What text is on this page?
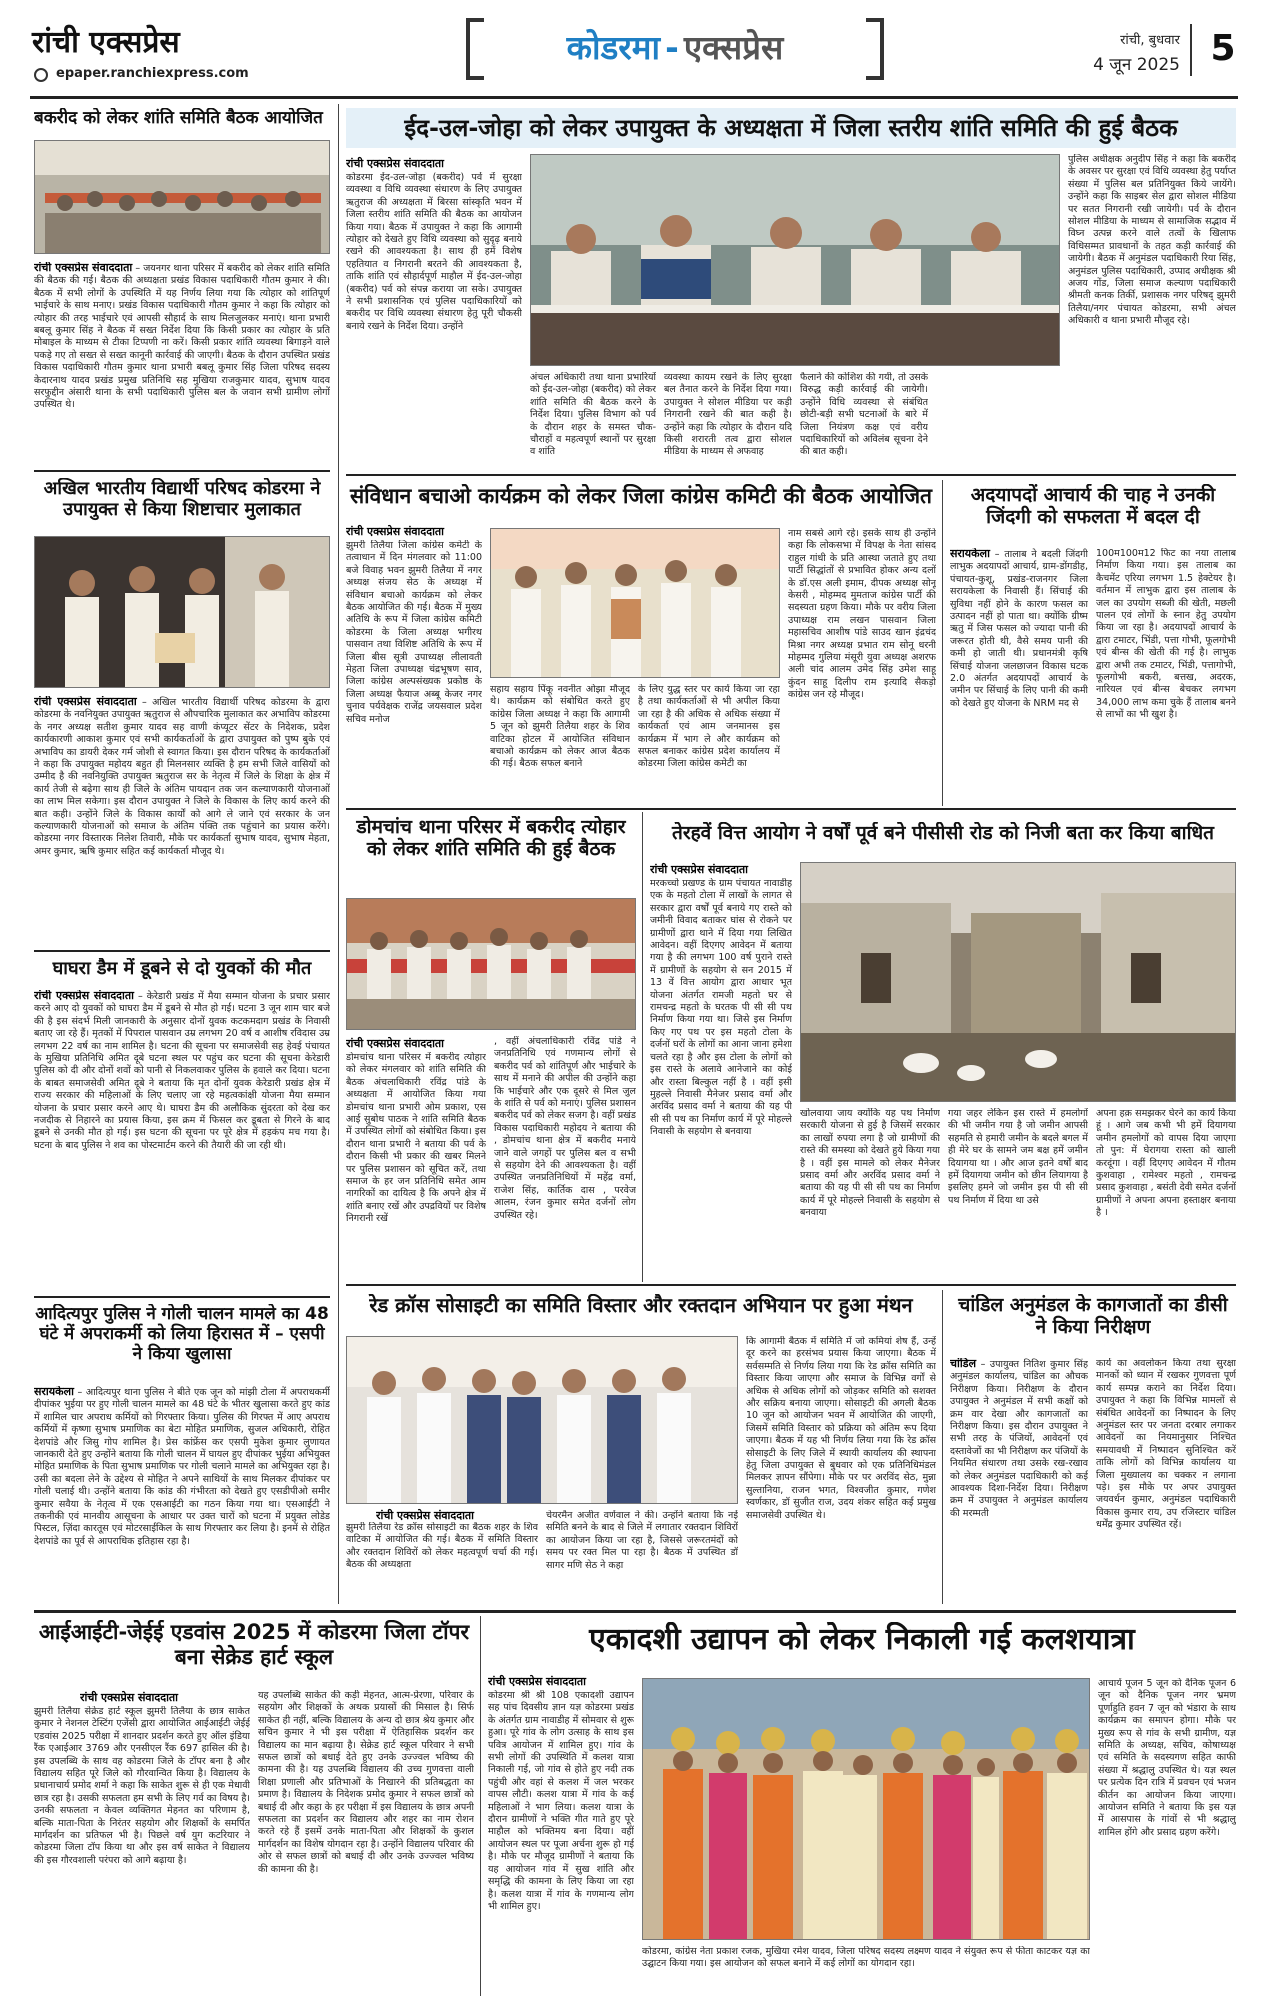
रांची एक्सप्रेस
epaper.ranchiexpress.com
कोडरमा - एक्सप्रेस	रांची, बुधवार
4 जून 2025 5
बकरीद को लेकर शांति समिति बैठक आयोजित
रांची एक्सप्रेस संवाददाता – जयनगर थाना परिसर में बकरीद को लेकर शांति समिति की बैठक की गई। बैठक की अध्यक्षता प्रखंड विकास पदाधिकारी गौतम कुमार ने की। बैठक में सभी लोगों के उपस्थिति में यह निर्णय लिया गया कि त्योहार को शांतिपूर्ण भाईचारे के साथ मनाए। प्रखंड विकास पदाधिकारी गौतम कुमार ने कहा कि त्योहार को त्योहार की तरह भाईचारे एवं आपसी सौहार्द के साथ मिलजुलकर मनाएं। थाना प्रभारी बबलू कुमार सिंह ने बैठक में सख्त निर्देश दिया कि किसी प्रकार का त्योहार के प्रति मोबाइल के माध्यम से टीका टिप्पणी ना करें। किसी प्रकार शांति व्यवस्था बिगाड़ने वाले पकड़े गए तो सख्त से सख्त कानूनी कार्रवाई की जाएगी। बैठक के दौरान उपस्थित प्रखंड विकास पदाधिकारी गौतम कुमार थाना प्रभारी बबलू कुमार सिंह जिला परिषद सदस्य केदारनाथ यादव प्रखंड प्रमुख प्रतिनिधि सह मुखिया राजकुमार यादव, सुभाष यादव सरफुद्दीन अंसारी थाना के सभी पदाधिकारी पुलिस बल के जवान सभी ग्रामीण लोगों उपस्थित थे।
अखिल भारतीय विद्यार्थी परिषद कोडरमा ने उपायुक्त से किया शिष्टाचार मुलाकात
रांची एक्सप्रेस संवाददाता – अखिल भारतीय विद्यार्थी परिषद कोडरमा के द्वारा कोडरमा के नवनियुक्त उपायुक्त ऋतुराज से औपचारिक मुलाकात कर अभाविप कोडरमा के नगर अध्यक्ष सतीश कुमार यादव सह वाणी कंप्यूटर सेंटर के निदेशक, प्रदेश कार्यकारणी आकाश कुमार एवं सभी कार्यकर्ताओं के द्वारा उपायुक्त को पुष्प बुके एवं अभाविप का डायरी देकर गर्म जोशी से स्वागत किया। इस दौरान परिषद के कार्यकर्ताओं ने कहा कि उपायुक्त महोदय बहुत ही मिलनसार व्यक्ति है हम सभी जिले वासियों को उम्मीद है की नवनियुक्ति उपायुक्त ऋतुराज सर के नेतृत्व में जिले के शिक्षा के क्षेत्र में कार्य तेजी से बढ़ेगा साथ ही जिले के अंतिम पायदान तक जन कल्याणकारी योजनाओं का लाभ मिल सकेगा। इस दौरान उपायुक्त ने जिले के विकास के लिए कार्य करने की बात कही। उन्होंने जिले के विकास कार्यों को आगे ले जाने एवं सरकार के जन कल्याणकारी योजनाओं को समाज के अंतिम पंक्ति तक पहुंचाने का प्रयास करेंगे। कोडरमा नगर विस्तारक निलेश तिवारी, मौके पर कार्यकर्ता सुभाष यादव, सुभाष मेहता, अमर कुमार, ऋषि कुमार सहित कई कार्यकर्ता मौजूद थे।
घाघरा डैम में डूबने से दो युवकों की मौत
रांची एक्सप्रेस संवाददाता – केरेडारी प्रखंड में मैया सम्मान योजना के प्रचार प्रसार करने आए दो युवकों को घाघरा डैम में डूबने से मौत हो गई। घटना 3 जून शाम चार बजे की है इस संदर्भ मिली जानकारी के अनुसार दोनों युवक कटकमदाग प्रखंड के निवासी बताए जा रहे हैं। मृतकों में पिपराल पासवान उम्र लगभग 20 वर्ष व आशीष रविदास उम्र लगभग 22 वर्ष का नाम शामिल है। घटना की सूचना पर समाजसेवी सह हेवई पंचायत के मुखिया प्रतिनिधि अमित दूबे घटना स्थल पर पहुंच कर घटना की सूचना केरेडारी पुलिस को दी और दोनों शवों को पानी से निकलवाकर पुलिस के हवाले कर दिया। घटना के बाबत समाजसेवी अमित दूबे ने बताया कि मृत दोनों युवक केरेडारी प्रखंड क्षेत्र में राज्य सरकार की महिलाओं के लिए चलाए जा रहे महत्वकांक्षी योजना मैया सम्मान योजना के प्रचार प्रसार करने आए थे। घाघरा डैम की अलौकिक सुंदरता को देख कर नजदीक से निहारने का प्रयास किया, इस क्रम में फिसल कर डूबता से गिरने के बाद डूबने से उनकी मौत हो गई। इस घटना की सूचना पर पूरे क्षेत्र में हड़कंप मच गया है। घटना के बाद पुलिस ने शव का पोस्टमार्टम करने की तैयारी की जा रही थी।
आदित्यपुर पुलिस ने गोली चालन मामले का 48 घंटे में अपराकर्मी को लिया हिरासत में – एसपी ने किया खुलासा
सरायकेला – आदित्यपुर थाना पुलिस ने बीते एक जून को मांझी टोला में अपराधकर्मी दीपांकर भुईया पर हुए गोली चालन मामले का 48 घंटे के भीतर खुलासा करते हुए कांड में शामिल चार अपराध कर्मियों को गिरफ्तार किया। पुलिस की गिरफ्त में आए अपराध कर्मियों में कृष्णा सुभाष प्रमाणिक का बेटा मोहित प्रमाणिक, सुजल अधिकारी, रोहित देशपांडे और जिसु गोप शामिल है। प्रेस कांफ्रेंस कर एसपी मुकेश कुमार लुणायत जानकारी देते हुए उन्होंने बताया कि गोली चालन में घायल हुए दीपांकर भुईया अभियुक्त मोहित प्रमाणिक के पिता सुभाष प्रमाणिक पर गोली चलाने मामले का अभियुक्त रहा है। उसी का बदला लेने के उद्देश्य से मोहित ने अपने साथियों के साथ मिलकर दीपांकर पर गोली चलाई थी। उन्होंने बताया कि कांड की गंभीरता को देखते हुए एसडीपीओ समीर कुमार सवैया के नेतृत्व में एक एसआईटी का गठन किया गया था। एसआईटी ने तकनीकी एवं मानवीय आसूचना के आधार पर उक्त चारों को घटना में प्रयुक्त लोडेड पिस्टल, ज़िंदा कारतूस एवं मोटरसाईकिल के साथ गिरफ्तार कर लिया है। इनमें से रोहित देशपांडे का पूर्व से आपराधिक इतिहास रहा है।
ईद-उल-जोहा को लेकर उपायुक्त के अध्यक्षता में जिला स्तरीय शांति समिति की हुई बैठक
रांची एक्सप्रेस संवाददाता
कोडरमा ईद-उल-जोहा (बकरीद) पर्व में सुरक्षा व्यवस्था व विधि व्यवस्था संधारण के लिए उपायुक्त ऋतुराज की अध्यक्षता में बिरसा सांस्कृति भवन में जिला स्तरीय शांति समिति की बैठक का आयोजन किया गया। बैठक में उपायुक्त ने कहा कि आगामी त्योहार को देखते हुए विधि व्यवस्था को सुदृढ़ बनाये रखने की आवश्यकता है। साथ ही हमें विशेष एहतियात व निगरानी बरतने की आवश्यकता है, ताकि शांति एवं सौहार्दपूर्ण माहौल में ईद-उल-जोहा (बकरीद) पर्व को संपन्न कराया जा सके। उपायुक्त ने सभी प्रशासनिक एवं पुलिस पदाधिकारियों को बकरीद पर विधि व्यवस्था संधारण हेतु पूरी चौकसी बनाये रखने के निर्देश दिया। उन्होंने
अंचल अधिकारी तथा थाना प्रभारियों को ईद-उल-जोहा (बकरीद) को लेकर शांति समिति की बैठक करने के निर्देश दिया। पुलिस विभाग को पर्व के दौरान शहर के समस्त चौक-चौराहों व महत्वपूर्ण स्थानों पर सुरक्षा व शांति
व्यवस्था कायम रखने के लिए सुरक्षा बल तैनात करने के निर्देश दिया गया। उपायुक्त ने सोशल मीडिया पर कड़ी निगरानी रखने की बात कही है। उन्होंने कहा कि त्योहार के दौरान यदि किसी शरारती तत्व द्वारा सोशल मीडिया के माध्यम से अफवाह
फैलाने की कोशिश की गयी, तो उसके विरुद्ध कड़ी कार्रवाई की जायेगी। उन्होंने विधि व्यवस्था से संबंधित छोटी-बड़ी सभी घटनाओं के बारे में जिला नियंत्रण कक्ष एवं वरीय पदाधिकारियों को अविलंब सूचना देने की बात कही।
पुलिस अधीक्षक अनुदीप सिंह ने कहा कि बकरीद के अवसर पर सुरक्षा एवं विधि व्यवस्था हेतु पर्याप्त संख्या में पुलिस बल प्रतिनियुक्त किये जायेंगे। उन्होंने कहा कि साइबर सेल द्वारा सोशल मीडिया पर सतत निगरानी रखी जायेगी। पर्व के दौरान सोशल मीडिया के माध्यम से सामाजिक सद्भाव में विघ्न उत्पन्न करने वाले तत्वों के खिलाफ विधिसम्मत प्रावधानों के तहत कड़ी कार्रवाई की जायेगी। बैठक में अनुमंडल पदाधिकारी रिया सिंह, अनुमंडल पुलिस पदाधिकारी, उप्पाद अधीक्षक श्री अजय गोंड, जिला समाज कल्याण पदाधिकारी श्रीमती कनक तिर्की, प्रशासक नगर परिषद् झुमरी तिलैया/नगर पंचायत कोडरमा, सभी अंचल अधिकारी व थाना प्रभारी मौजूद रहे।
संविधान बचाओ कार्यक्रम को लेकर जिला कांग्रेस कमिटी की बैठक आयोजित
रांची एक्सप्रेस संवाददाता
झुमरी तिलैया जिला कांग्रेस कमेटी के तत्वाधान में दिन मंगलवार को 11:00 बजे विवाह भवन झुमरी तिलैया में नगर अध्यक्ष संजय सेठ के अध्यक्ष में संविधान बचाओ कार्यक्रम को लेकर बैठक आयोजित की गई। बैठक में मुख्य अतिथि के रूप में जिला कांग्रेस कमिटी कोडरमा के जिला अध्यक्ष भगीरथ पासवान तथा विशिष्ट अतिथि के रूप में जिला बीस सूत्री उपाध्यक्ष लीलावती मेहता जिला उपाध्यक्ष चंद्रभूषण साव, जिला कांग्रेस अल्पसंख्यक प्रकोष्ठ के जिला अध्यक्ष फैयाज अब्बू केजर नगर चुनाव पर्यवेक्षक राजेंद्र जयसवाल प्रदेश सचिव मनोज
सहाय सहाय पिंकू नवनीत ओझा मौजूद थे। कार्यक्रम को संबोधित करते हुए कांग्रेस जिला अध्यक्ष ने कहा कि आगामी 5 जून को झुमरी तिलैया शहर के शिव वाटिका होटल में आयोजित संविधान बचाओ कार्यक्रम को लेकर आज बैठक की गई। बैठक सफल बनाने
के लिए युद्ध स्तर पर कार्य किया जा रहा है तथा कार्यकर्ताओं से भी अपील किया जा रहा है की अधिक से अधिक संख्या में कार्यकर्ता एवं आम जनमानस इस कार्यक्रम में भाग ले और कार्यक्रम को सफल बनाकर कांग्रेस प्रदेश कार्यालय में कोडरमा जिला कांग्रेस कमेटी का
नाम सबसे आगे रहे। इसके साथ ही उन्होंने कहा कि लोकसभा में विपक्ष के नेता सांसद राहुल गांधी के प्रति आस्था जताते हुए तथा पार्टी सिद्धांतों से प्रभावित होकर अन्य दलों के डॉ.एस अली इमाम, दीपक अध्यक्ष सोनू केसरी , मोहम्मद मुमताज कांग्रेस पार्टी की सदस्यता ग्रहण किया। मौके पर वरीय जिला उपाध्यक्ष राम लखन पासवान जिला महासचिव आशीष पांडे साउद खान इंद्रचंद मिश्रा नगर अध्यक्ष प्रभात राम सोनू धरनी मोहम्मद गुलिया मंसूरी युवा अध्यक्ष अशरफ अली चांद आलम उमेद सिंह उमेश साहू कुंदन साहू दिलीप राम इत्यादि सैकड़ो कांग्रेस जन रहे मौजूद।
अदयापदों आचार्य की चाह ने उनकी जिंदगी को सफलता में बदल दी
सरायकेला – तालाब ने बदली जिंदगी लाभुक अदयापदों आचार्य, ग्राम-डोंगडीह, पंचायत-कुशू, प्रखंड-राजनगर जिला सरायकेला के निवासी हैं। सिंचाई की सुविधा नहीं होने के कारण फसल का उत्पादन नहीं हो पाता था। क्योंकि ग्रीष्म ऋतु में जिस फसल को ज्यादा पानी की जरूरत होती थी, वैसे समय पानी की कमी हो जाती थी। प्रधानमंत्री कृषि सिंचाई योजना जलछाजन विकास घटक 2.0 अंतर्गत अदयापदों आचार्य के जमीन पर सिंचाई के लिए पानी की कमी को देखते हुए योजना के NRM मद से
100म100म12 फिट का नया तालाब निर्माण किया गया। इस तालाब का कैचमेंट एरिया लगभग 1.5 हेक्टेयर है। वर्तमान में लाभुक द्वारा इस तालाब के जल का उपयोग सब्जी की खेती, मछली पालन एवं लोगों के स्नान हेतु उपयोग किया जा रहा है। अदयापदों आचार्य के द्वारा टमाटर, भिंडी, पत्ता गोभी, फूलगोभी एवं बीन्स की खेती की गई है। लाभुक द्वारा अभी तक टमाटर, भिंडी, पत्तागोभी, फूलगोभी बकरी, बत्तख, अदरक, नारियल एवं बीन्स बेचकर लगभग 34,000 लाभ कमा चुके हैं तालाब बनने से लाभों का भी खुश है।
डोमचांच थाना परिसर में बकरीद त्योहार को लेकर शांति समिति की हुई बैठक
रांची एक्सप्रेस संवाददाता
डोमचांच थाना परिसर में बकरीद त्योहार को लेकर मंगलवार को शांति समिति की बैठक अंचलाधिकारी रविंद्र पांडे के अध्यक्षता में आयोजित किया गया डोमचांच थाना प्रभारी ओम प्रकाश, एस आई सुबोध पाठक ने शांति समिति बैठक में उपस्थित लोगों को संबोधित किया। इस दौरान थाना प्रभारी ने बताया की पर्व के दौरान किसी भी प्रकार की खबर मिलने पर पुलिस प्रशासन को सूचित करें, तथा समाज के हर जन प्रतिनिधि समेत आम नागरिकों का दायित्व है कि अपने क्षेत्र में शांति बनाए रखें और उपद्रवियों पर विशेष निगरानी रखें
, वहीं अंचलाधिकारी रविंद्र पांडे ने जनप्रतिनिधि एवं गणमान्य लोगों से बकरीद पर्व को शांतिपूर्ण और भाईचारे के साथ में मनाने की अपील की उन्होंने कहा कि भाईचारे और एक दूसरे से मिल जुल के शांति से पर्व को मनाएं। पुलिस प्रशासन बकरीद पर्व को लेकर सजग है। वहीं प्रखंड विकास पदाधिकारी महोदय ने बताया की , डोमचांच थाना क्षेत्र में बकरीद मनाये जाने वाले जगहों पर पुलिस बल व सभी से सहयोग देने की आवश्यकता है। वहीं उपस्थित जनप्रतिनिधियों में महेंद्र वर्मा, राजेश सिंह, कार्तिक दास , परवेज आलम, रंजन कुमार समेत दर्जनों लोग उपस्थित रहे।
तेरहवें वित्त आयोग ने वर्षों पूर्व बने पीसीसी रोड को निजी बता कर किया बाधित
रांची एक्सप्रेस संवाददाता
मरकच्चो प्रखण्ड के ग्राम पंचायत नावाडीह एक के महतो टोला में लाखों के लागत से सरकार द्वारा वर्षों पूर्व बनाये गए रास्ते को जमीनी विवाद बताकर घांस से रोकने पर ग्रामीणों द्वारा थाने में दिया गया लिखित आवेदन। वहीं दिएगए आवेदन में बताया गया है की लगभग 100 वर्ष पुराने रास्ते में ग्रामीणों के सहयोग से सन 2015 में 13 वें वित्त आयोग द्वारा आधार भूत योजना अंतर्गत रामजी महतो घर से रामचन्द्र महतो के घरतक पी सी सी पथ निर्माण किया गया था। जिसे इस निर्माण किए गए पथ पर इस महतो टोला के दर्जनों घरों के लोगों का आना जाना हमेशा चलते रहा है और इस टोला के लोगों को इस रास्ते के अलावे आनेजाने का कोई और रास्ता बिल्कुल नहीं है । वहीं इसी मुहल्ले निवासी मैनेजर प्रसाद वर्मा और अरविंद प्रसाद वर्मा ने बताया की यह पी सी सी पथ का निर्माण कार्य में पूरे मोहल्ले निवासी के सहयोग से बनवाया
खोलवाया जाय क्योंकि यह पथ निर्माण सरकारी योजना से हुई है जिसमें सरकार का लाखों रुपया लगा है जो ग्रामीणों की रास्ते की समस्या को देखते हुये किया गया है । वहीं इस मामले को लेकर मैनेजर प्रसाद वर्मा और अरविंद प्रसाद वर्मा ने बताया की यह पी सी सी पथ का निर्माण कार्य में पूरे मोहल्ले निवासी के सहयोग से बनवाया
गया जहर लेकिन इस रास्ते में हमलोगों की भी जमीन गया है जो जमीन आपसी सहमति से हमारी जमीन के बदले बगल में ही मेरे घर के सामने जम बक्ष हमें जमीन दियागया था । और आज इतने वर्षों बाद हमें दियागया जमीन को छीन लियागया है इसलिए हमने जो जमीन इस पी सी सी पथ निर्माण में दिया था उसे
अपना हक़ समझकर घेरने का कार्य किया हूं । आगे जब कभी भी हमें दियागया जमीन हमलोगों को वापस दिया जाएगा तो पुन: में घेरागया रास्ता को खाली करदूंगा । वहीं दिएगए आवेदन में गौतम कुशवाहा , रामेश्वर महतो , रामचन्द्र प्रसाद कुशवाहा , बसंती देवी समेत दर्जनों ग्रामीणों ने अपना अपना हस्ताक्षर बनाया है ।
रेड क्रॉस सोसाइटी का समिति विस्तार और रक्तदान अभियान पर हुआ मंथन
रांची एक्सप्रेस संवाददाता
झुमरी तिलैया रेड क्रॉस सोसाइटी का बैठक शहर के शिव वाटिका में आयोजित की गई। बैठक में समिति विस्तार और रक्तदान शिविरों को लेकर महत्वपूर्ण चर्चा की गई। बैठक की अध्यक्षता
चेयरमैन अजीत वर्णवाल ने की। उन्होंने बताया कि नई समिति बनने के बाद से जिले में लगातार रक्तदान शिविरों का आयोजन किया जा रहा है, जिससे जरूरतमंदों को समय पर रक्त मिल पा रहा है। बैठक में उपस्थित डॉ सागर मणि सेठ ने कहा
कि आगामी बैठक में समिति में जो कमियां शेष हैं, उन्हें दूर करने का हरसंभव प्रयास किया जाएगा। बैठक में सर्वसम्मति से निर्णय लिया गया कि रेड क्रॉस समिति का विस्तार किया जाएगा और समाज के विभिन्न वर्गों से अधिक से अधिक लोगों को जोड़कर समिति को सशक्त और सक्रिय बनाया जाएगा। सोसाइटी की अगली बैठक 10 जून को आयोजन भवन में आयोजित की जाएगी, जिसमें समिति विस्तार को प्रक्रिया को अंतिम रूप दिया जाएगा। बैठक में यह भी निर्णय लिया गया कि रेड क्रॉस सोसाइटी के लिए जिले में स्थायी कार्यालय की स्थापना हेतु जिला उपायुक्त से बुधवार को एक प्रतिनिधिमंडल मिलकर ज्ञापन सौंपेगा। मौके पर पर अरविंद सेठ, मुन्ना सुल्तानिया, राजन भगत, विश्वजीत कुमार, गणेश स्वर्णकार, डॉ सुजीत राज, उदय शंकर सहित कई प्रमुख समाजसेवी उपस्थित थे।
चांडिल अनुमंडल के कागजातों का डीसी ने किया निरीक्षण
चांडिल – उपायुक्त नितिश कुमार सिंह अनुमंडल कार्यालय, चांडिल का औचक निरीक्षण किया। निरीक्षण के दौरान उपायुक्त ने अनुमंडल में सभी कक्षों को क्रम वार देखा और कागजातों का निरीक्षण किया। इस दौरान उपायुक्त ने सभी तरह के पंजियों, आवेदनों एवं दस्तावेजों का भी निरीक्षण कर पंजियों के नियमित संधारण तथा उसके रख-रखाव को लेकर अनुमंडल पदाधिकारी को कई आवश्यक दिशा-निर्देश दिया। निरीक्षण क्रम में उपायुक्त ने अनुमंडल कार्यालय की मरम्मती
कार्य का अवलोकन किया तथा सुरक्षा मानकों को ध्यान में रखकर गुणवत्ता पूर्ण कार्य सम्पन्न कराने का निर्देश दिया। उपायुक्त ने कहा कि विभिन्न मामलों से संबंधित आवेदनों का निष्पादन के लिए अनुमंडल स्तर पर जनता दरबार लगाकर आवेदनों का नियमानुसार निश्चित समयावधी में निष्पादन सुनिश्चित करें ताकि लोगों को विभिन्न कार्यालय या जिला मुख्यालय का चक्कर न लगाना पड़े। इस मौके पर अपर उपायुक्त जयवर्धन कुमार, अनुमंडल पदाधिकारी विकास कुमार राय, उप रजिस्टार चांडिल धर्मेंद्र कुमार उपस्थित रहें।
आईआईटी-जेईई एडवांस 2025 में कोडरमा जिला टॉपर बना सेक्रेड हार्ट स्कूल
रांची एक्सप्रेस संवाददाता
झुमरी तिलैया सेक्रेड हार्ट स्कूल झुमरी तिलैया के छात्र साकेत कुमार ने नेशनल टेस्टिंग एजेंसी द्वारा आयोजित आईआईटी जेईई एडवांस 2025 परीक्षा में शानदार प्रदर्शन करते हुए ऑल इंडिया रैंक एआईआर 3769 और एनसीएल रैंक 697 हासिल की है। इस उपलब्धि के साथ वह कोडरमा जिले के टॉपर बना है और विद्यालय सहित पूरे जिले को गौरवान्वित किया है। विद्यालय के प्रधानाचार्य प्रमोद शर्मा ने कहा कि साकेत शुरू से ही एक मेधावी छात्र रहा है। उसकी सफलता हम सभी के लिए गर्व का विषय है। उनकी सफलता न केवल व्यक्तिगत मेहनत का परिणाम है, बल्कि माता-पिता के निरंतर सहयोग और शिक्षकों के समर्पित मार्गदर्शन का प्रतिफल भी है। पिछले वर्ष युग कटरियार ने कोडरमा जिला टॉप किया था और इस वर्ष साकेत ने विद्यालय की इस गौरवशाली परंपरा को आगे बढ़ाया है।
यह उपलब्धि साकेत की कड़ी मेहनत, आत्म-प्रेरणा, परिवार के सहयोग और शिक्षकों के अथक प्रयासों की मिसाल है। सिर्फ साकेत ही नहीं, बल्कि विद्यालय के अन्य दो छात्र श्रेय कुमार और सचिन कुमार ने भी इस परीक्षा में ऐतिहासिक प्रदर्शन कर विद्यालय का मान बढ़ाया है। सेक्रेड हार्ट स्कूल परिवार ने सभी सफल छात्रों को बधाई देते हुए उनके उज्ज्वल भविष्य की कामना की है। यह उपलब्धि विद्यालय की उच्च गुणवत्ता वाली शिक्षा प्रणाली और प्रतिभाओं के निखारने की प्रतिबद्धता का प्रमाण है। विद्यालय के निदेशक प्रमोद कुमार ने सफल छात्रों को बधाई दी और कहा के हर परीक्षा में इस विद्यालय के छात्र अपनी सफलता का प्रदर्शन कर विद्यालय और शहर का नाम रोशन करते रहे हैं इसमें उनके माता-पिता और शिक्षकों के कुशल मार्गदर्शन का विशेष योगदान रहा है। उन्होंने विद्यालय परिवार की ओर से सफल छात्रों को बधाई दी और उनके उज्ज्वल भविष्य की कामना की है।
एकादशी उद्यापन को लेकर निकाली गई कलशयात्रा
रांची एक्सप्रेस संवाददाता
कोडरमा श्री श्री 108 एकादशी उद्यापन सह पांच दिवसीय ज्ञान यज्ञ कोडरमा प्रखंड के अंतर्गत ग्राम नावाडीह में सोमवार से शुरू हुआ। पूरे गांव के लोग उत्साह के साथ इस पवित्र आयोजन में शामिल हुए। गांव के सभी लोगों की उपस्थिति में कलश यात्रा निकाली गई, जो गांव से होते हुए नदी तक पहुंची और वहां से कलश में जल भरकर वापस लौटी। कलश यात्रा में गांव के कई महिलाओं ने भाग लिया। कलश यात्रा के दौरान ग्रामीणों ने भक्ति गीत गाते हुए पूरे माहौल को भक्तिमय बना दिया। वहीं आयोजन स्थल पर पूजा अर्चना शुरू हो गई है। मौके पर मौजूद ग्रामीणों ने बताया कि यह आयोजन गांव में सुख शांति और समृद्धि की कामना के लिए किया जा रहा है। कलश यात्रा में गांव के गणमान्य लोग भी शामिल हुए।
कोडरमा, कांग्रेस नेता प्रकाश रजक, मुखिया रमेश यादव, जिला परिषद सदस्य लक्ष्मण यादव ने संयुक्त रूप से फीता काटकर यज्ञ का उद्घाटन किया गया। इस आयोजन को सफल बनाने में कई लोगों का योगदान रहा।
आचार्य पूजन 5 जून को दैनिक पूजन 6 जून को दैनिक पूजन नगर भ्रमण पूर्णाहुति हवन 7 जून को भंडारा के साथ कार्यक्रम का समापन होगा। मौके पर मुख्य रूप से गांव के सभी ग्रामीण, यज्ञ समिति के अध्यक्ष, सचिव, कोषाध्यक्ष एवं समिति के सदस्यगण सहित काफी संख्या में श्रद्धालु उपस्थित थे। यज्ञ स्थल पर प्रत्येक दिन रात्रि में प्रवचन एवं भजन कीर्तन का आयोजन किया जाएगा। आयोजन समिति ने बताया कि इस यज्ञ में आसपास के गांवों से भी श्रद्धालु शामिल होंगे और प्रसाद ग्रहण करेंगे।
